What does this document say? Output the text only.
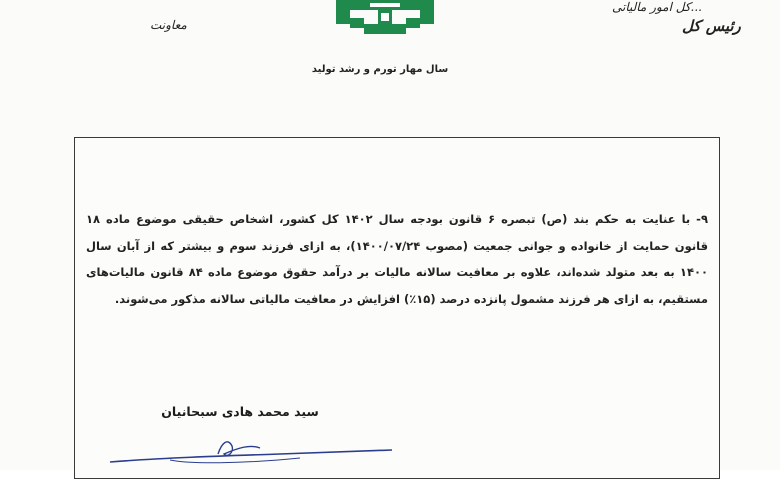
معاونت
...کل امور مالیاتی
رئیس کل
سال مهار تورم و رشد تولید
۹- با عنایت به حکم بند (ص) تبصره ۶ قانون بودجه سال ۱۴۰۲ کل کشور، اشخاص حقیقی موضوع ماده ۱۸
قانون حمایت از خانواده و جوانی جمعیت (مصوب ۱۴۰۰/۰۷/۲۴)، به ازای فرزند سوم و بیشتر که از آبان سال
۱۴۰۰ به بعد متولد شده‌اند، علاوه بر معافیت سالانه مالیات بر درآمد حقوق موضوع ماده ۸۴ قانون مالیات‌های
مستقیم، به ازای هر فرزند مشمول پانزده درصد (۱۵٪) افزایش در معافیت مالیاتی سالانه مذکور می‌شوند.
سید محمد هادی سبحانیان
